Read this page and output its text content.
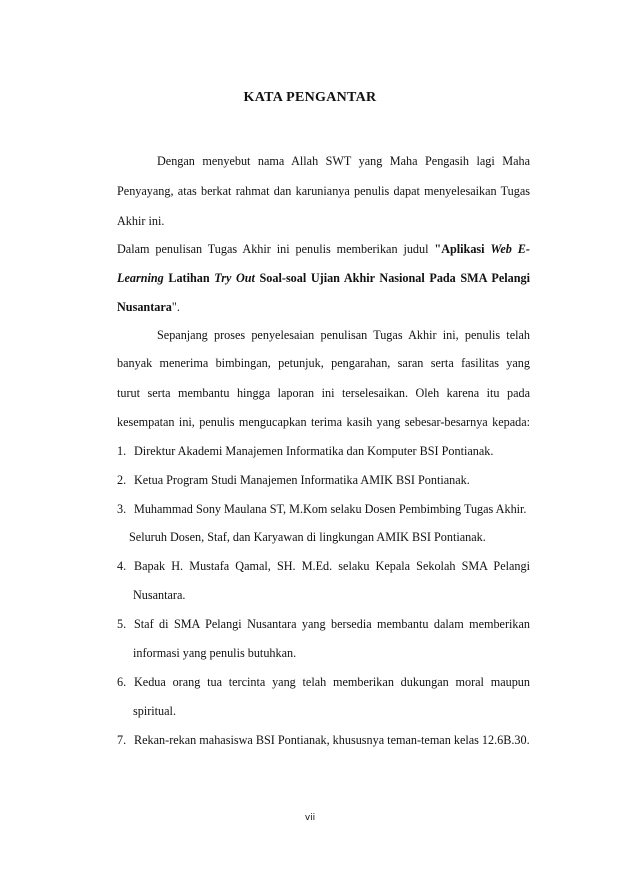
KATA PENGANTAR
Dengan menyebut nama Allah SWT yang Maha Pengasih lagi Maha
Penyayang, atas berkat rahmat dan karunianya penulis dapat menyelesaikan Tugas
Akhir ini.
Dalam penulisan Tugas Akhir ini penulis memberikan judul "Aplikasi Web E-
Learning Latihan Try Out Soal-soal Ujian Akhir Nasional Pada SMA Pelangi
Nusantara".
Sepanjang proses penyelesaian penulisan Tugas Akhir ini, penulis telah
banyak menerima bimbingan, petunjuk, pengarahan, saran serta fasilitas yang
turut serta membantu hingga laporan ini terselesaikan. Oleh karena itu pada
kesempatan ini, penulis mengucapkan terima kasih yang sebesar-besarnya kepada:
1. Direktur Akademi Manajemen Informatika dan Komputer BSI Pontianak.
2. Ketua Program Studi Manajemen Informatika AMIK BSI Pontianak.
3. Muhammad Sony Maulana ST, M.Kom selaku Dosen Pembimbing Tugas Akhir.
Seluruh Dosen, Staf, dan Karyawan di lingkungan AMIK BSI Pontianak.
4. Bapak H. Mustafa Qamal, SH. M.Ed. selaku Kepala Sekolah SMA Pelangi
Nusantara.
5. Staf di SMA Pelangi Nusantara yang bersedia membantu dalam memberikan
informasi yang penulis butuhkan.
6. Kedua orang tua tercinta yang telah memberikan dukungan moral maupun
spiritual.
7. Rekan-rekan mahasiswa BSI Pontianak, khususnya teman-teman kelas 12.6B.30.
vii
